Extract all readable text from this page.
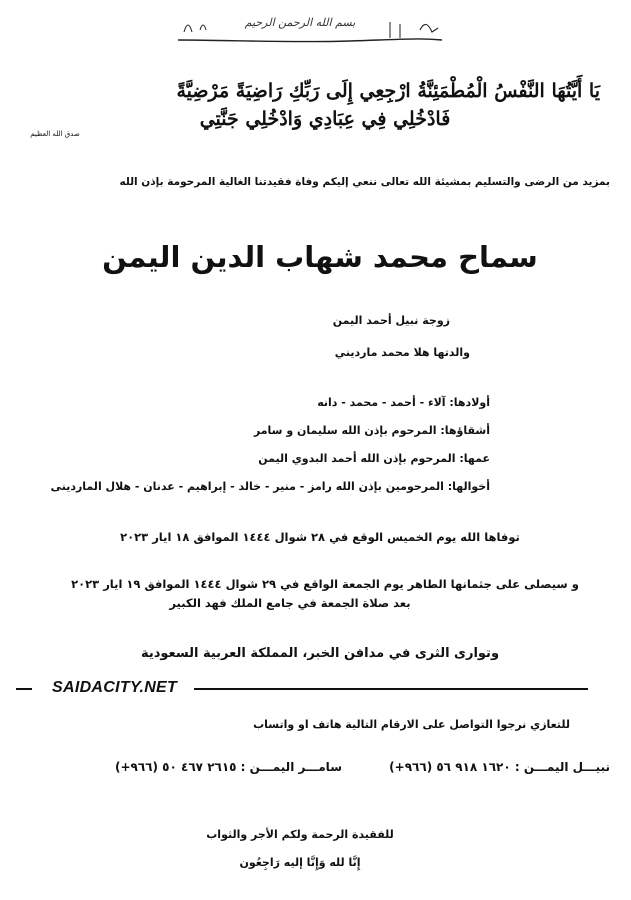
بسم الله الرحمن الرحيم
يَا أَيَّتُهَا النَّفْسُ الْمُطْمَئِنَّةُ ارْجِعِي إِلَى رَبِّكِ رَاضِيَةً مَرْضِيَّةً
فَادْخُلِي فِي عِبَادِي وَادْخُلِي جَنَّتِي
صدق الله العظيم
بمزيد من الرضى والتسليم بمشيئة الله تعالى ننعي إليكم وفاة فقيدتنا الغالية المرحومة بإذن الله
سماح محمد شهاب الدين اليمن
زوجة نبيل أحمد اليمن
والدتها هلا محمد مارديني
أولادها: آلاء - أحمد - محمد - دانه
أشقاؤها: المرحوم بإذن الله سليمان و سامر
عمها: المرحوم بإذن الله أحمد البدوي اليمن
أخوالها: المرحومين بإذن الله رامز - منير - خالد - إبراهيم - عدنان - هلال الماردينى
توفاها الله يوم الخميس الوقع في ٢٨ شوال ١٤٤٤ الموافق ١٨ ايار ٢٠٢٣
و سيصلى على جثمانها الطاهر يوم الجمعة الواقع في ٢٩ شوال ١٤٤٤ الموافق ١٩ ايار ٢٠٢٣
بعد صلاة الجمعة في جامع الملك فهد الكبير
وتوارى الثرى في مدافن الخبر، المملكة العربية السعودية
SAIDACITY.NET
للتعازي نرجوا التواصل على الارقام التالية هاتف او واتساب
نبيـــل اليمـــن : ١٦٢٠ ٩١٨ ٥٦ (٩٦٦+)
سامـــر اليمـــن : ٢٦١٥ ٤٦٧ ٥٠ (٩٦٦+)
للفقيدة الرحمة ولكم الأجر والثواب
إِنَّا لله وَإِنَّا إليه رَاجِعُون
